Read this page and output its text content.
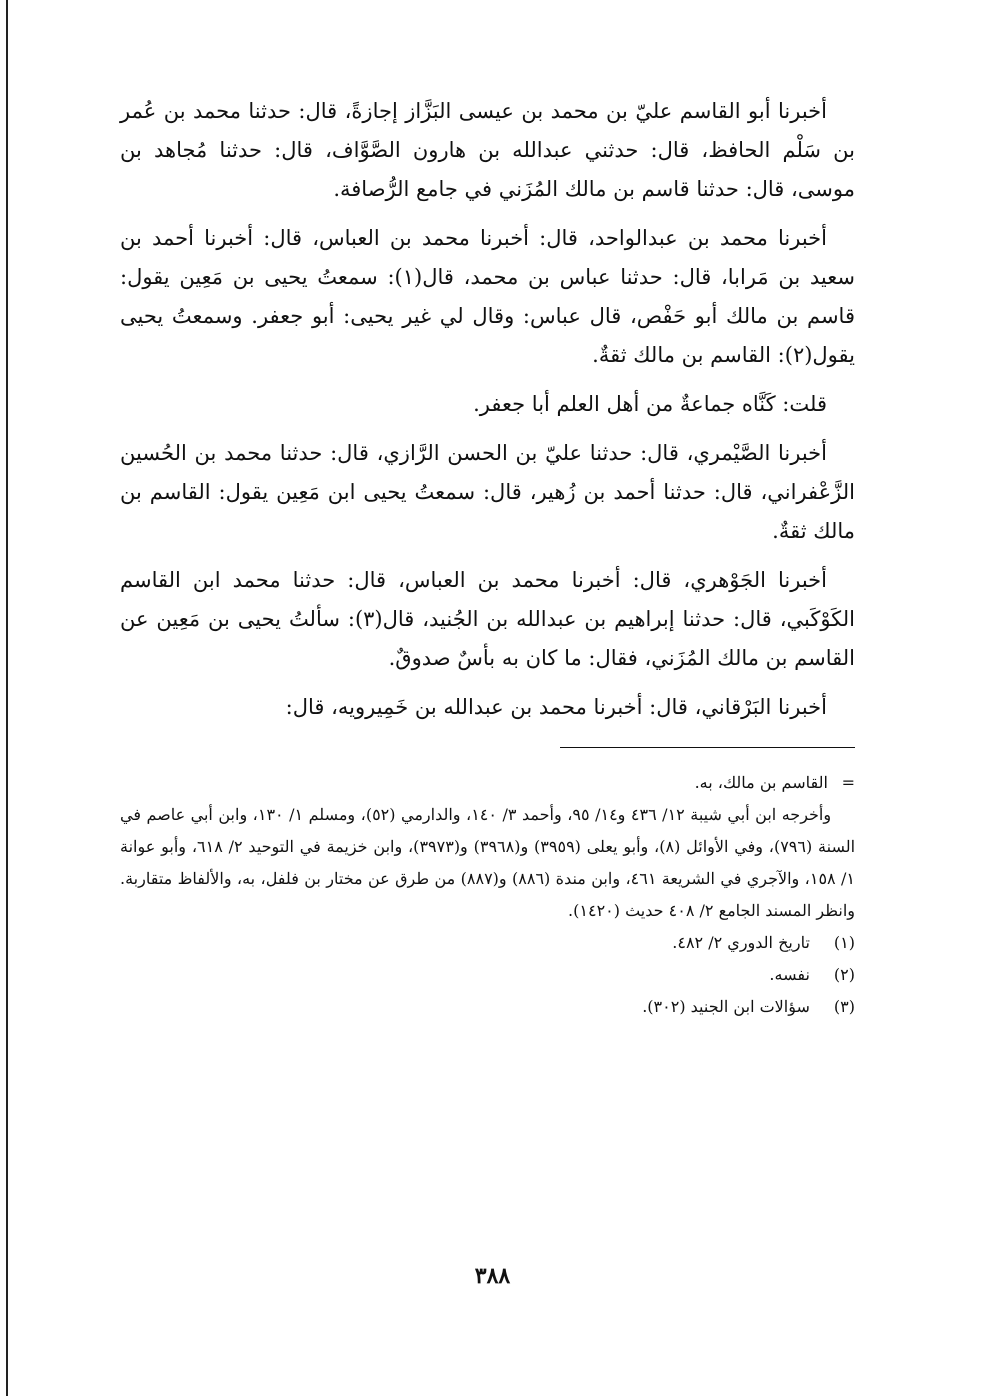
أخبرنا أبو القاسم عليّ بن محمد بن عيسى البَزَّاز إجازةً، قال: حدثنا محمد بن عُمر بن سَلْم الحافظ، قال: حدثني عبدالله بن هارون الصَّوَّاف، قال: حدثنا مُجاهد بن موسى، قال: حدثنا قاسم بن مالك المُزَني في جامع الرُّصافة.

أخبرنا محمد بن عبدالواحد، قال: أخبرنا محمد بن العباس، قال: أخبرنا أحمد بن سعيد بن مَرابا، قال: حدثنا عباس بن محمد، قال(١): سمعتُ يحيى بن مَعِين يقول: قاسم بن مالك أبو حَفْص، قال عباس: وقال لي غير يحيى: أبو جعفر. وسمعتُ يحيى يقول(٢): القاسم بن مالك ثقةٌ.

قلت: كَنَّاه جماعةٌ من أهل العلم أبا جعفر.

أخبرنا الصَّيْمري، قال: حدثنا عليّ بن الحسن الرَّازي، قال: حدثنا محمد بن الحُسين الزَّعْفراني، قال: حدثنا أحمد بن زُهير، قال: سمعتُ يحيى ابن مَعِين يقول: القاسم بن مالك ثقةٌ.

أخبرنا الجَوْهري، قال: أخبرنا محمد بن العباس، قال: حدثنا محمد ابن القاسم الكَوْكَبي، قال: حدثنا إبراهيم بن عبدالله بن الجُنيد، قال(٣): سألتُ يحيى بن مَعِين عن القاسم بن مالك المُزَني، فقال: ما كان به بأسٌ صدوقٌ.

أخبرنا البَرْقاني، قال: أخبرنا محمد بن عبدالله بن خَمِيرويه، قال:

= القاسم بن مالك، به.

وأخرجه ابن أبي شيبة ١٢/ ٤٣٦ و١٤/ ٩٥، وأحمد ٣/ ١٤٠، والدارمي (٥٢)، ومسلم ١/ ١٣٠، وابن أبي عاصم في السنة (٧٩٦)، وفي الأوائل (٨)، وأبو يعلى (٣٩٥٩) و(٣٩٦٨) و(٣٩٧٣)، وابن خزيمة في التوحيد ٢/ ٦١٨، وأبو عوانة ١/ ١٥٨، والآجري في الشريعة ٤٦١، وابن مندة (٨٨٦) و(٨٨٧) من طرق عن مختار بن فلفل، به، والألفاظ متقاربة. وانظر المسند الجامع ٢/ ٤٠٨ حديث (١٤٢٠).

(١) تاريخ الدوري ٢/ ٤٨٢.

(٢) نفسه.

(٣) سؤالات ابن الجنيد (٣٠٢).

٣٨٨
